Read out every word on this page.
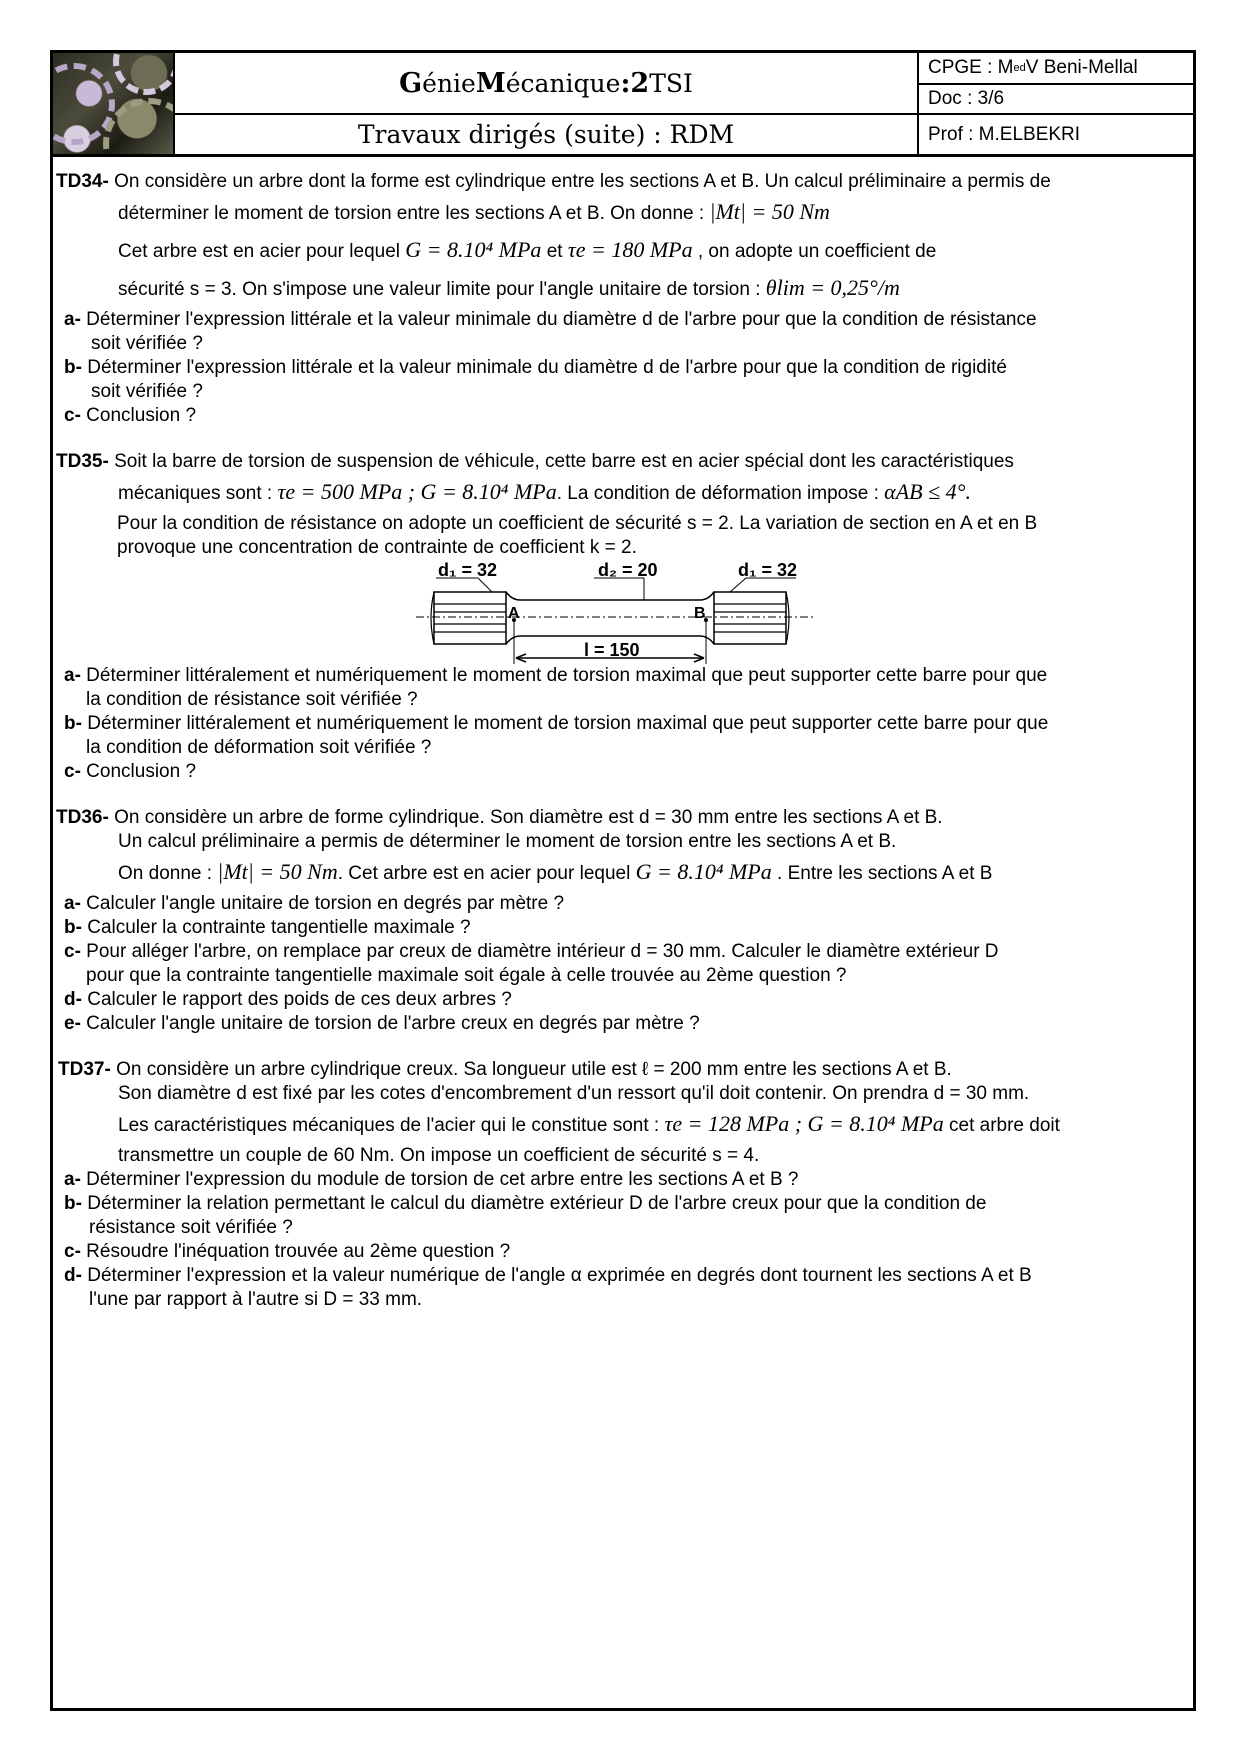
G énie M écanique : 2 TSI
Travaux dirigés (suite) : RDM
CPGE : M ed V Beni-Mellal
Doc : 3/6
Prof : M.ELBEKRI
TD34- On considère un arbre dont la forme est cylindrique entre les sections A et B. Un calcul préliminaire a permis de
déterminer le moment de torsion entre les sections A et B. On donne : |Mt| = 50 Nm
Cet arbre est en acier pour lequel G = 8.10⁴ MPa et τe = 180 MPa , on adopte un coefficient de
sécurité s = 3. On s'impose une valeur limite pour l'angle unitaire de torsion : θlim = 0,25°/m
a- Déterminer l'expression littérale et la valeur minimale du diamètre d de l'arbre pour que la condition de résistance
soit vérifiée ?
b- Déterminer l'expression littérale et la valeur minimale du diamètre d de l'arbre pour que la condition de rigidité
soit vérifiée ?
c- Conclusion ?
TD35- Soit la barre de torsion de suspension de véhicule, cette barre est en acier spécial dont les caractéristiques
mécaniques sont : τe = 500 MPa ; G = 8.10⁴ MPa. La condition de déformation impose : αAB ≤ 4°.
Pour la condition de résistance on adopte un coefficient de sécurité s = 2. La variation de section en A et en B
provoque une concentration de contrainte de coefficient k = 2.
d₁ = 32	d₂ = 20	d₁ = 32
A	B
l = 150
a- Déterminer littéralement et numériquement le moment de torsion maximal que peut supporter cette barre pour que
la condition de résistance soit vérifiée ?
b- Déterminer littéralement et numériquement le moment de torsion maximal que peut supporter cette barre pour que
la condition de déformation soit vérifiée ?
c- Conclusion ?
TD36- On considère un arbre de forme cylindrique. Son diamètre est d = 30 mm entre les sections A et B.
Un calcul préliminaire a permis de déterminer le moment de torsion entre les sections A et B.
On donne : |Mt| = 50 Nm. Cet arbre est en acier pour lequel G = 8.10⁴ MPa . Entre les sections A et B
a- Calculer l'angle unitaire de torsion en degrés par mètre ?
b- Calculer la contrainte tangentielle maximale ?
c- Pour alléger l'arbre, on remplace par creux de diamètre intérieur d = 30 mm. Calculer le diamètre extérieur D
pour que la contrainte tangentielle maximale soit égale à celle trouvée au 2ème question ?
d- Calculer le rapport des poids de ces deux arbres ?
e- Calculer l'angle unitaire de torsion de l'arbre creux en degrés par mètre ?
TD37- On considère un arbre cylindrique creux. Sa longueur utile est ℓ = 200 mm entre les sections A et B.
Son diamètre d est fixé par les cotes d'encombrement d'un ressort qu'il doit contenir. On prendra d = 30 mm.
Les caractéristiques mécaniques de l'acier qui le constitue sont : τe = 128 MPa ; G = 8.10⁴ MPa cet arbre doit
transmettre un couple de 60 Nm. On impose un coefficient de sécurité s = 4.
a- Déterminer l'expression du module de torsion de cet arbre entre les sections A et B ?
b- Déterminer la relation permettant le calcul du diamètre extérieur D de l'arbre creux pour que la condition de
résistance soit vérifiée ?
c- Résoudre l'inéquation trouvée au 2ème question ?
d- Déterminer l'expression et la valeur numérique de l'angle α exprimée en degrés dont tournent les sections A et B
l'une par rapport à l'autre si D = 33 mm.
